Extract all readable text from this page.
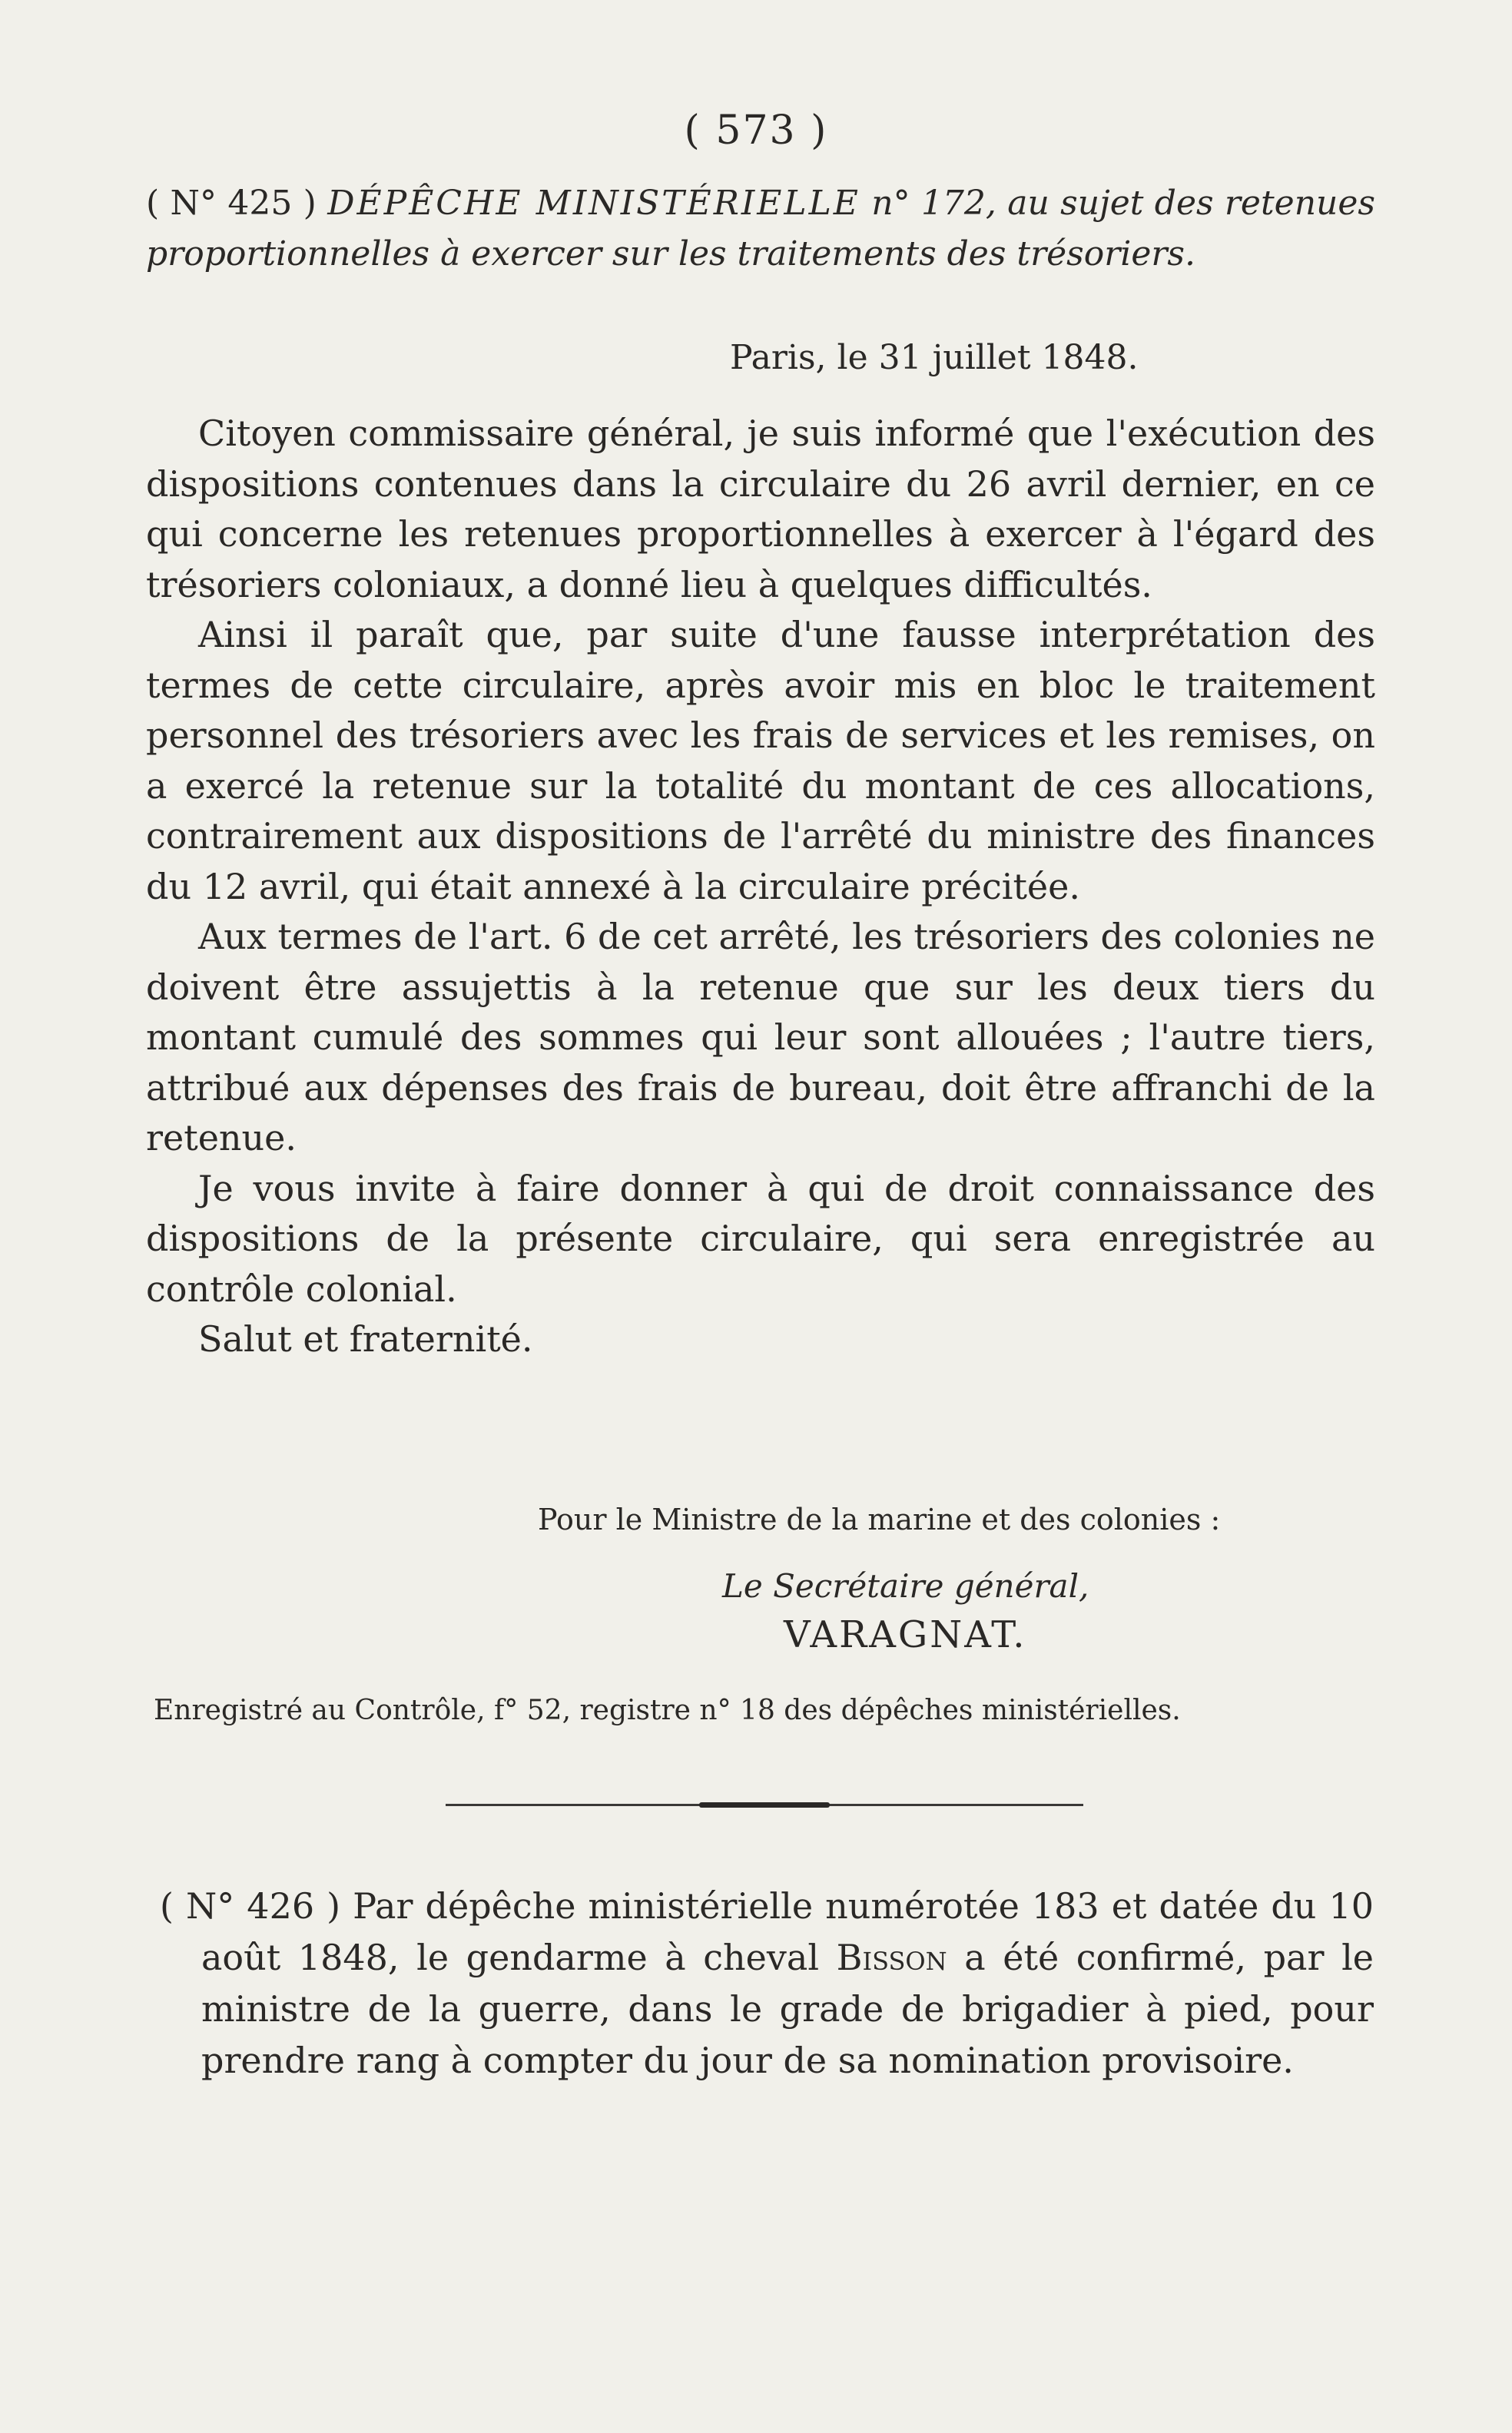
( 573 )
( N° 425 ) DÉPÊCHE MINISTÉRIELLE n° 172, au sujet des retenues proportionnelles à exercer sur les traitements des trésoriers.
Paris, le 31 juillet 1848.

Citoyen commissaire général, je suis informé que l'exécution des dispositions contenues dans la circulaire du 26 avril dernier, en ce qui concerne les retenues proportionnelles à exercer à l'égard des trésoriers coloniaux, a donné lieu à quelques difficultés.

Ainsi il paraît que, par suite d'une fausse interprétation des termes de cette circulaire, après avoir mis en bloc le traitement personnel des trésoriers avec les frais de services et les remises, on a exercé la retenue sur la totalité du montant de ces allocations, contrairement aux dispositions de l'arrêté du ministre des finances du 12 avril, qui était annexé à la circulaire précitée.

Aux termes de l'art. 6 de cet arrêté, les trésoriers des colonies ne doivent être assujettis à la retenue que sur les deux tiers du montant cumulé des sommes qui leur sont allouées ; l'autre tiers, attribué aux dépenses des frais de bureau, doit être affranchi de la retenue.

Je vous invite à faire donner à qui de droit connaissance des dispositions de la présente circulaire, qui sera enregistrée au contrôle colonial.

Salut et fraternité.

Pour le Ministre de la marine et des colonies :
Le Secrétaire général,
VARAGNAT.
Enregistré au Contrôle, f° 52, registre n° 18 des dépêches ministérielles.

( N° 426 ) Par dépêche ministérielle numérotée 183 et datée du 10 août 1848, le gendarme à cheval Bisson a été confirmé, par le ministre de la guerre, dans le grade de brigadier à pied, pour prendre rang à compter du jour de sa nomination provisoire.
